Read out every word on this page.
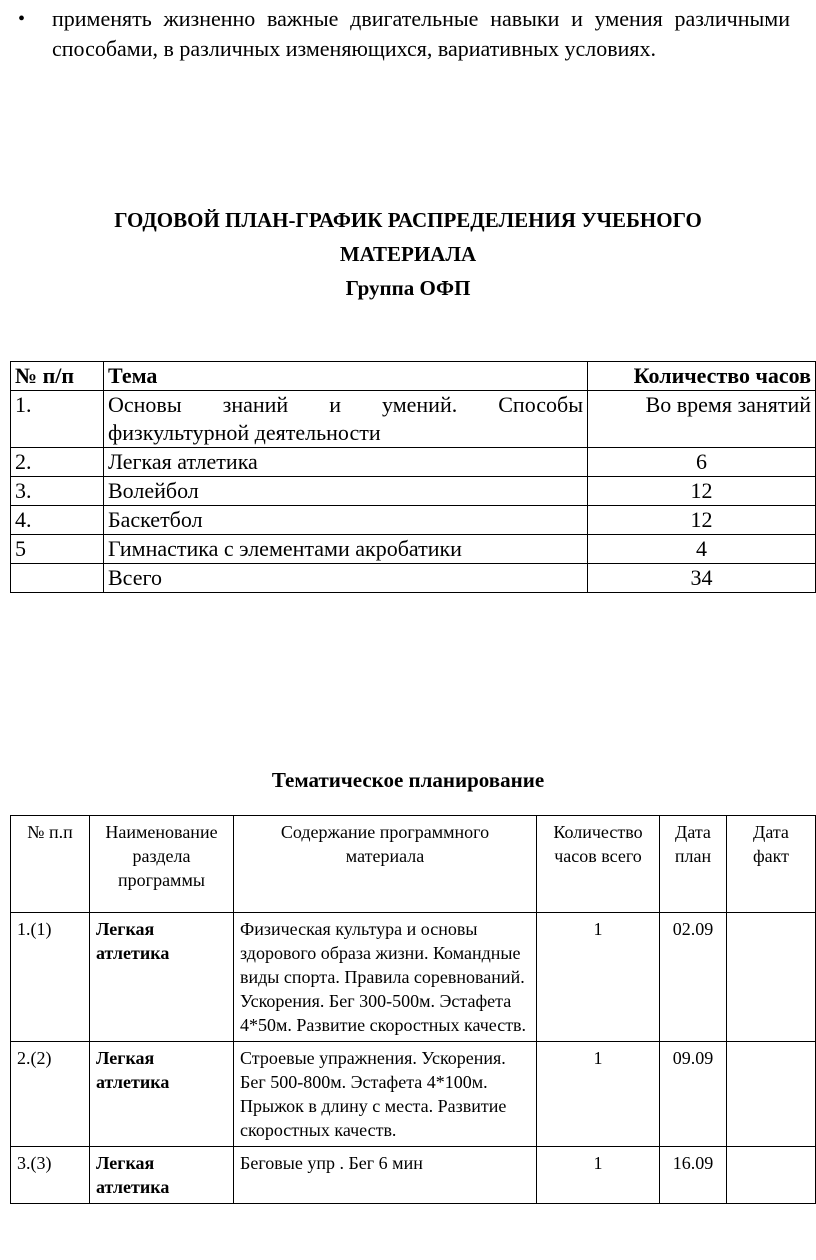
• применять жизненно важные двигательные навыки и умения различными способами, в различных изменяющихся, вариативных условиях.
ГОДОВОЙ ПЛАН-ГРАФИК РАСПРЕДЕЛЕНИЯ УЧЕБНОГО
МАТЕРИАЛА
Группа ОФП
№ п/п	Тема	Количество часов
1.	Основы знаний и умений. Способы физкультурной деятельности	Во время занятий
2.	Легкая атлетика	6
3.	Волейбол	12
4.	Баскетбол	12
5	Гимнастика с элементами акробатики	4
	Всего	34
Тематическое планирование
№ п.п	Наименование раздела программы	Содержание программного материала	Количество часов всего	Дата план	Дата факт
1.(1)	Легкая атлетика	Физическая культура и основы здорового образа жизни. Командные виды спорта. Правила соревнований. Ускорения. Бег 300-500м. Эстафета 4*50м. Развитие скоростных качеств.	1	02.09	
2.(2)	Легкая атлетика	Строевые упражнения. Ускорения. Бег 500-800м. Эстафета 4*100м. Прыжок в длину с места. Развитие скоростных качеств.	1	09.09	
3.(3)	Легкая атлетика	Беговые упр . Бег 6 мин	1	16.09	
